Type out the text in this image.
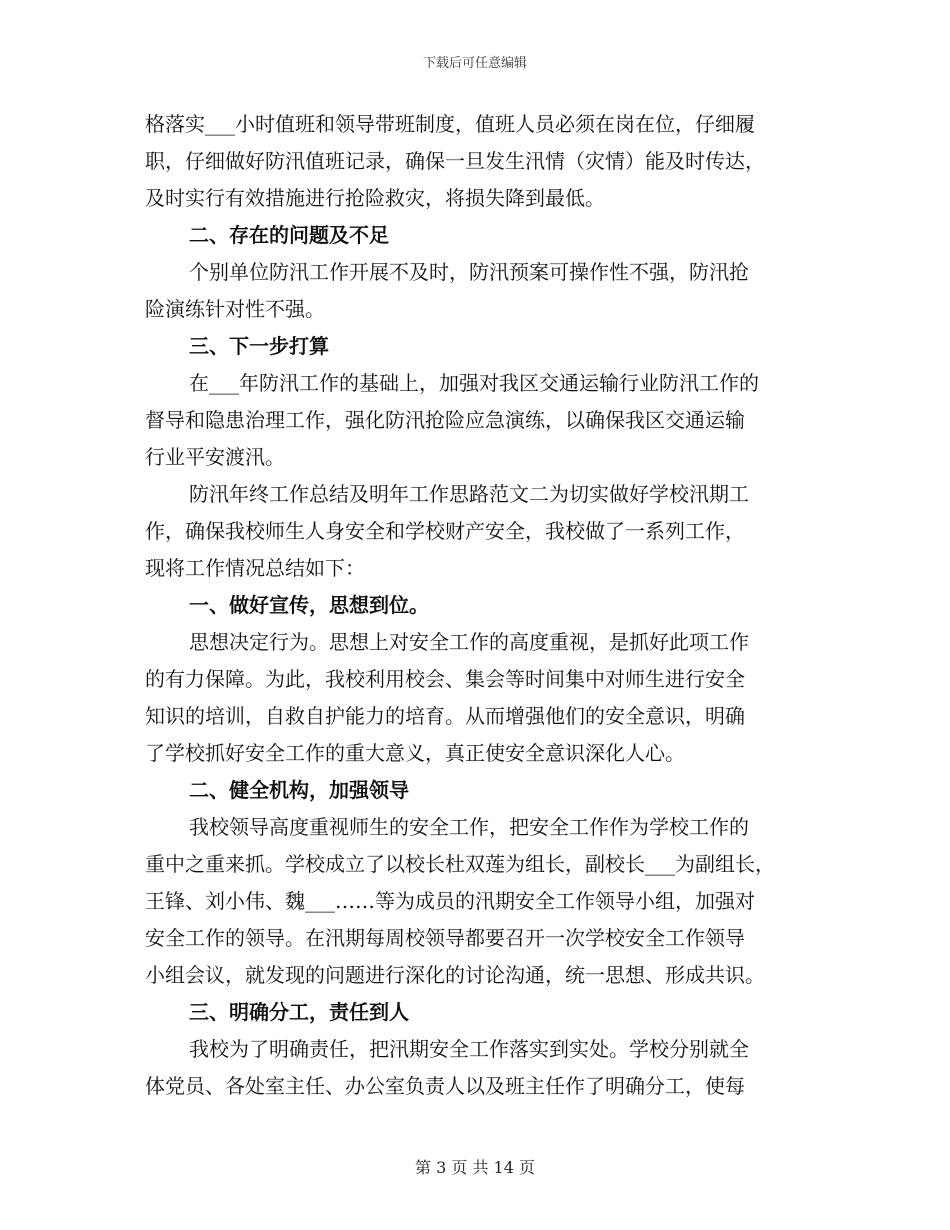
下载后可任意编辑
格落实___小时值班和领导带班制度，值班人员必须在岗在位，仔细履
职，仔细做好防汛值班记录，确保一旦发生汛情（灾情）能及时传达，
及时实行有效措施进行抢险救灾，将损失降到最低。
二、存在的问题及不足
个别单位防汛工作开展不及时，防汛预案可操作性不强，防汛抢
险演练针对性不强。
三、下一步打算
在___年防汛工作的基础上，加强对我区交通运输行业防汛工作的
督导和隐患治理工作，强化防汛抢险应急演练，以确保我区交通运输
行业平安渡汛。
防汛年终工作总结及明年工作思路范文二为切实做好学校汛期工
作，确保我校师生人身安全和学校财产安全，我校做了一系列工作，
现将工作情况总结如下：
一、做好宣传，思想到位。
思想决定行为。思想上对安全工作的高度重视，是抓好此项工作
的有力保障。为此，我校利用校会、集会等时间集中对师生进行安全
知识的培训，自救自护能力的培育。从而增强他们的安全意识，明确
了学校抓好安全工作的重大意义，真正使安全意识深化人心。
二、健全机构，加强领导
我校领导高度重视师生的安全工作，把安全工作作为学校工作的
重中之重来抓。学校成立了以校长杜双莲为组长，副校长___为副组长，
王锋、刘小伟、魏___……等为成员的汛期安全工作领导小组，加强对
安全工作的领导。在汛期每周校领导都要召开一次学校安全工作领导
小组会议，就发现的问题进行深化的讨论沟通，统一思想、形成共识。
三、明确分工，责任到人
我校为了明确责任，把汛期安全工作落实到实处。学校分别就全
体党员、各处室主任、办公室负责人以及班主任作了明确分工，使每
第 3 页 共 14 页
